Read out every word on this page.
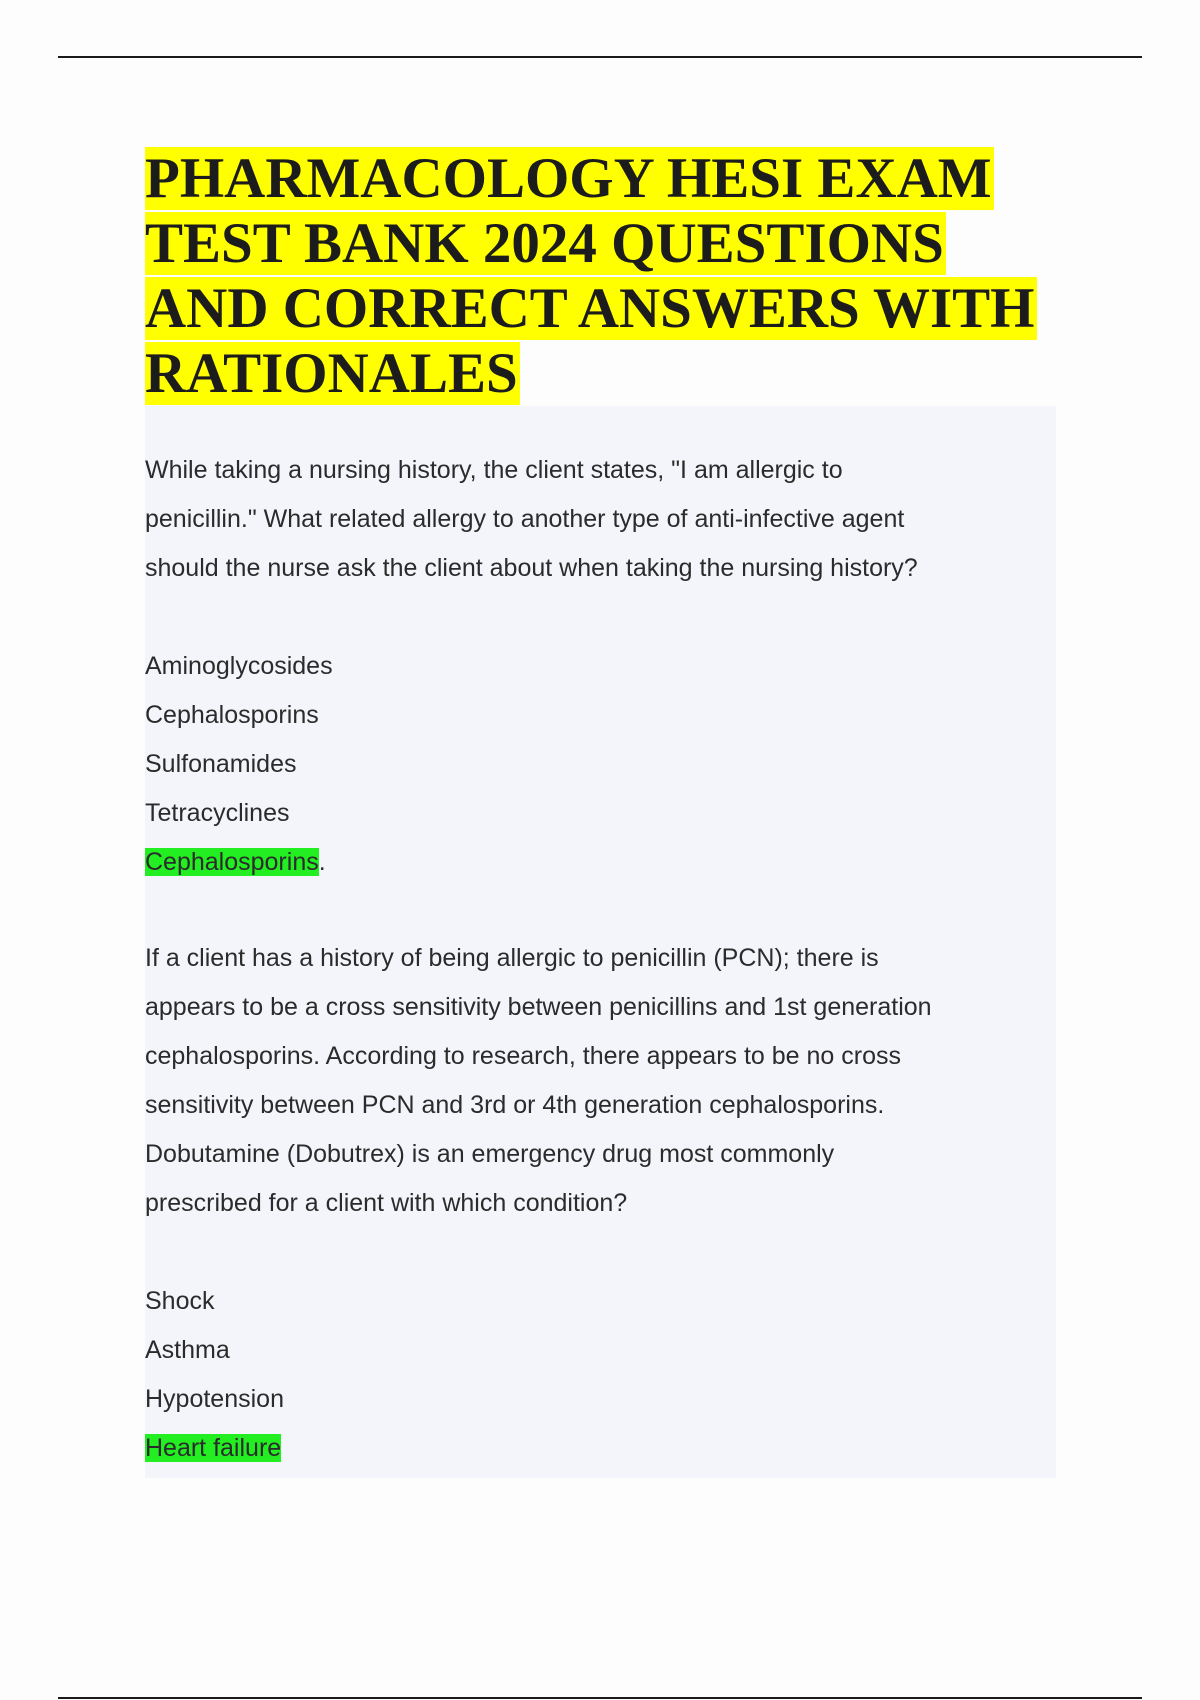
PHARMACOLOGY HESI EXAM
TEST BANK 2024 QUESTIONS
AND CORRECT ANSWERS WITH
RATIONALES
While taking a nursing history, the client states, "I am allergic to
penicillin." What related allergy to another type of anti-infective agent
should the nurse ask the client about when taking the nursing history?
Aminoglycosides
Cephalosporins
Sulfonamides
Tetracyclines
Cephalosporins.
If a client has a history of being allergic to penicillin (PCN); there is
appears to be a cross sensitivity between penicillins and 1st generation
cephalosporins. According to research, there appears to be no cross
sensitivity between PCN and 3rd or 4th generation cephalosporins.
Dobutamine (Dobutrex) is an emergency drug most commonly
prescribed for a client with which condition?
Shock
Asthma
Hypotension
Heart failure
